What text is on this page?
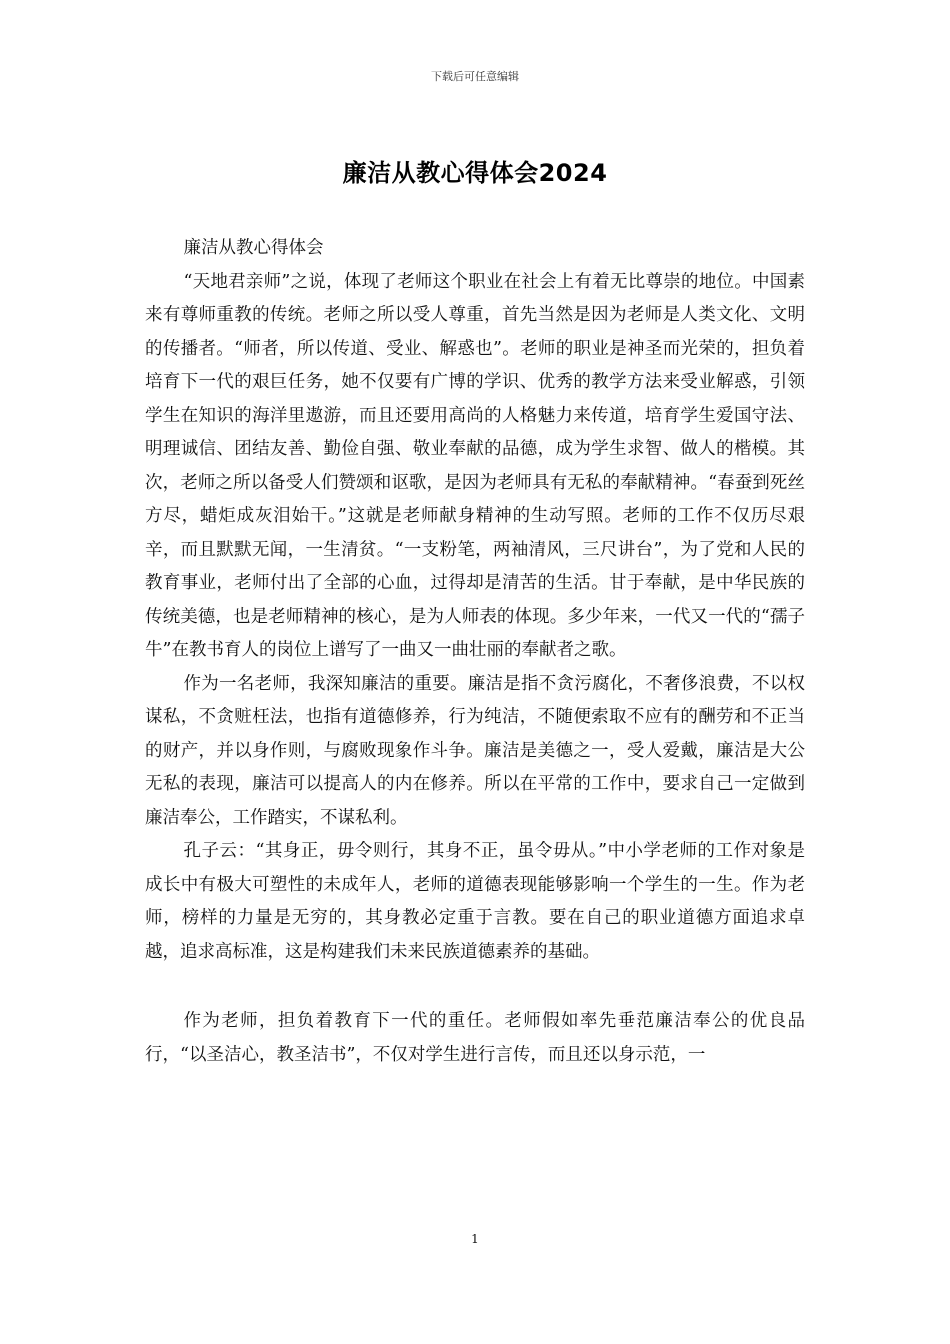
下载后可任意编辑
廉洁从教心得体会2024

廉洁从教心得体会

“天地君亲师”之说，体现了老师这个职业在社会上有着无比尊崇的地位。中国素来有尊师重教的传统。老师之所以受人尊重，首先当然是因为老师是人类文化、文明的传播者。“师者，所以传道、受业、解惑也”。老师的职业是神圣而光荣的，担负着培育下一代的艰巨任务，她不仅要有广博的学识、优秀的教学方法来受业解惑，引领学生在知识的海洋里遨游，而且还要用高尚的人格魅力来传道，培育学生爱国守法、明理诚信、团结友善、勤俭自强、敬业奉献的品德，成为学生求智、做人的楷模。其次，老师之所以备受人们赞颂和讴歌，是因为老师具有无私的奉献精神。“春蚕到死丝方尽，蜡炬成灰泪始干。”这就是老师献身精神的生动写照。老师的工作不仅历尽艰辛，而且默默无闻，一生清贫。“一支粉笔，两袖清风，三尺讲台”，为了党和人民的教育事业，老师付出了全部的心血，过得却是清苦的生活。甘于奉献，是中华民族的传统美德，也是老师精神的核心，是为人师表的体现。多少年来，一代又一代的“孺子牛”在教书育人的岗位上谱写了一曲又一曲壮丽的奉献者之歌。

作为一名老师，我深知廉洁的重要。廉洁是指不贪污腐化，不奢侈浪费，不以权谋私，不贪赃枉法，也指有道德修养，行为纯洁，不随便索取不应有的酬劳和不正当的财产，并以身作则，与腐败现象作斗争。廉洁是美德之一，受人爱戴，廉洁是大公无私的表现，廉洁可以提高人的内在修养。所以在平常的工作中，要求自己一定做到廉洁奉公，工作踏实，不谋私利。

孔子云：“其身正，毋令则行，其身不正，虽令毋从。”中小学老师的工作对象是成长中有极大可塑性的未成年人，老师的道德表现能够影响一个学生的一生。作为老师，榜样的力量是无穷的，其身教必定重于言教。要在自己的职业道德方面追求卓越，追求高标准，这是构建我们未来民族道德素养的基础。

作为老师，担负着教育下一代的重任。老师假如率先垂范廉洁奉公的优良品行，“以圣洁心，教圣洁书”，不仅对学生进行言传，而且还以身示范，一

1
